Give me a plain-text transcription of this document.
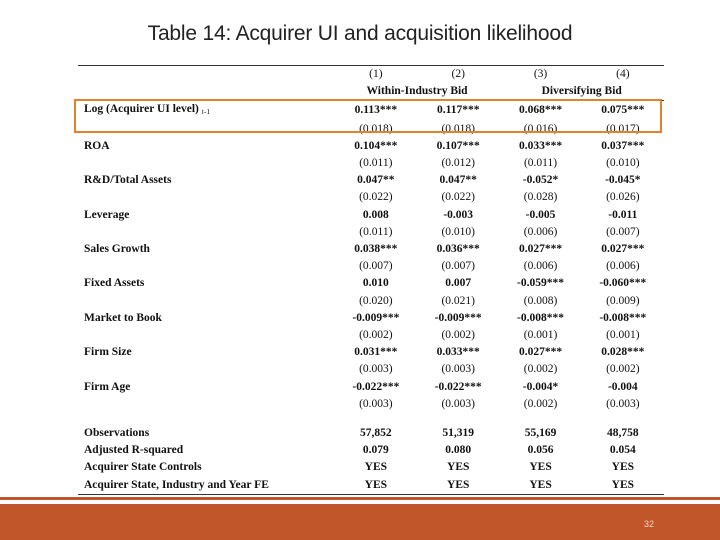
Table 14: Acquirer UI and acquisition likelihood
	(1)	(2)	(3)	(4)
	Within-Industry Bid		Diversifying Bid	
Log (Acquirer UI level) $_{t-1}$	0.113***	0.117***	0.068***	0.075***
	(0.018)	(0.018)	(0.016)	(0.017)
ROA	0.104***	0.107***	0.033***	0.037***
	(0.011)	(0.012)	(0.011)	(0.010)
R&D/Total Assets	0.047**	0.047**	-0.052*	-0.045*
	(0.022)	(0.022)	(0.028)	(0.026)
Leverage	0.008	-0.003	-0.005	-0.011
	(0.011)	(0.010)	(0.006)	(0.007)
Sales Growth	0.038***	0.036***	0.027***	0.027***
	(0.007)	(0.007)	(0.006)	(0.006)
Fixed Assets	0.010	0.007	-0.059***	-0.060***
	(0.020)	(0.021)	(0.008)	(0.009)
Market to Book	-0.009***	-0.009***	-0.008***	-0.008***
	(0.002)	(0.002)	(0.001)	(0.001)
Firm Size	0.031***	0.033***	0.027***	0.028***
	(0.003)	(0.003)	(0.002)	(0.002)
Firm Age	-0.022***	-0.022***	-0.004*	-0.004
	(0.003)	(0.003)	(0.002)	(0.003)

Observations	57,852	51,319	55,169	48,758
Adjusted R-squared	0.079	0.080	0.056	0.054
Acquirer State Controls	YES	YES	YES	YES
Acquirer State, Industry and Year FE	YES	YES	YES	YES
32
